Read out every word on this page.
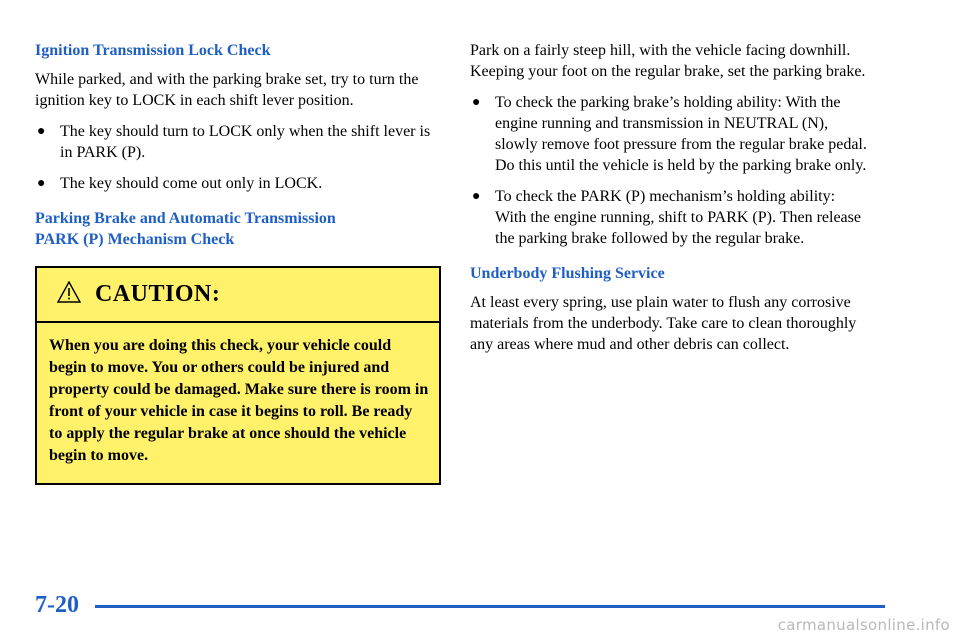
Ignition Transmission Lock Check

While parked, and with the parking brake set, try to turn the ignition key to LOCK in each shift lever position.

● The key should turn to LOCK only when the shift lever is in PARK (P).
● The key should come out only in LOCK.
Parking Brake and Automatic Transmission
PARK (P) Mechanism Check
CAUTION:
When you are doing this check, your vehicle could begin to move. You or others could be injured and property could be damaged. Make sure there is room in front of your vehicle in case it begins to roll. Be ready to apply the regular brake at once should the vehicle begin to move.

Park on a fairly steep hill, with the vehicle facing downhill. Keeping your foot on the regular brake, set the parking brake.

● To check the parking brake’s holding ability: With the engine running and transmission in NEUTRAL (N), slowly remove foot pressure from the regular brake pedal. Do this until the vehicle is held by the parking brake only.
● To check the PARK (P) mechanism’s holding ability: With the engine running, shift to PARK (P). Then release the parking brake followed by the regular brake.
Underbody Flushing Service

At least every spring, use plain water to flush any corrosive materials from the underbody. Take care to clean thoroughly any areas where mud and other debris can collect.

7-20
carmanualsonline.info
